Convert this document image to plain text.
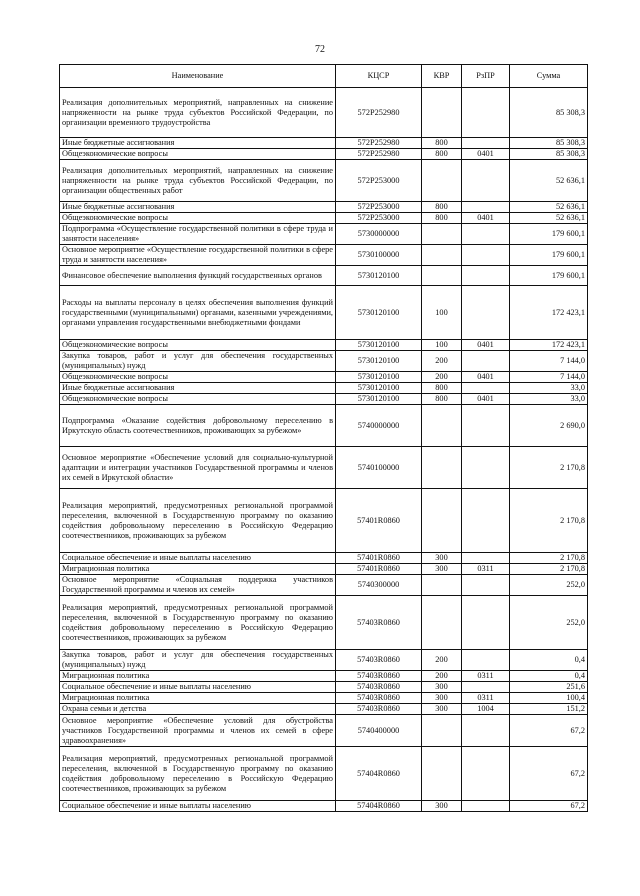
72
Наименование	КЦСР	КВР	РзПР	Сумма
Реализация дополнительных мероприятий, направленных на снижение напряженности на рынке труда субъектов Российской Федерации, по организации временного трудоустройства	572P252980			85 308,3
Иные бюджетные ассигнования	572P252980	800		85 308,3
Общеэкономические вопросы	572P252980	800	0401	85 308,3
Реализация дополнительных мероприятий, направленных на снижение напряженности на рынке труда субъектов Российской Федерации, по организации общественных работ	572P253000			52 636,1
Иные бюджетные ассигнования	572P253000	800		52 636,1
Общеэкономические вопросы	572P253000	800	0401	52 636,1
Подпрограмма «Осуществление государственной политики в сфере труда и занятости населения»	5730000000			179 600,1
Основное мероприятие «Осуществление государственной политики в сфере труда и занятости населения»	5730100000			179 600,1
Финансовое обеспечение выполнения функций государственных органов	5730120100			179 600,1
Расходы на выплаты персоналу в целях обеспечения выполнения функций государственными (муниципальными) органами, казенными учреждениями, органами управления государственными внебюджетными фондами	5730120100	100		172 423,1
Общеэкономические вопросы	5730120100	100	0401	172 423,1
Закупка товаров, работ и услуг для обеспечения государственных (муниципальных) нужд	5730120100	200		7 144,0
Общеэкономические вопросы	5730120100	200	0401	7 144,0
Иные бюджетные ассигнования	5730120100	800		33,0
Общеэкономические вопросы	5730120100	800	0401	33,0
Подпрограмма «Оказание содействия добровольному переселению в Иркутскую область соотечественников, проживающих за рубежом»	5740000000			2 690,0
Основное мероприятие «Обеспечение условий для социально-культурной адаптации и интеграции участников Государственной программы и членов их семей в Иркутской области»	5740100000			2 170,8
Реализация мероприятий, предусмотренных региональной программой переселения, включенной в Государственную программу по оказанию содействия добровольному переселению в Российскую Федерацию соотечественников, проживающих за рубежом	57401R0860			2 170,8
Социальное обеспечение и иные выплаты населению	57401R0860	300		2 170,8
Миграционная политика	57401R0860	300	0311	2 170,8
Основное мероприятие «Социальная поддержка участников Государственной программы и членов их семей»	5740300000			252,0
Реализация мероприятий, предусмотренных региональной программой переселения, включенной в Государственную программу по оказанию содействия добровольному переселению в Российскую Федерацию соотечественников, проживающих за рубежом	57403R0860			252,0
Закупка товаров, работ и услуг для обеспечения государственных (муниципальных) нужд	57403R0860	200		0,4
Миграционная политика	57403R0860	200	0311	0,4
Социальное обеспечение и иные выплаты населению	57403R0860	300		251,6
Миграционная политика	57403R0860	300	0311	100,4
Охрана семьи и детства	57403R0860	300	1004	151,2
Основное мероприятие «Обеспечение условий для обустройства участников Государственной программы и членов их семей в сфере здравоохранения»	5740400000			67,2
Реализация мероприятий, предусмотренных региональной программой переселения, включенной в Государственную программу по оказанию содействия добровольному переселению в Российскую Федерацию соотечественников, проживающих за рубежом	57404R0860			67,2
Социальное обеспечение и иные выплаты населению	57404R0860	300		67,2
